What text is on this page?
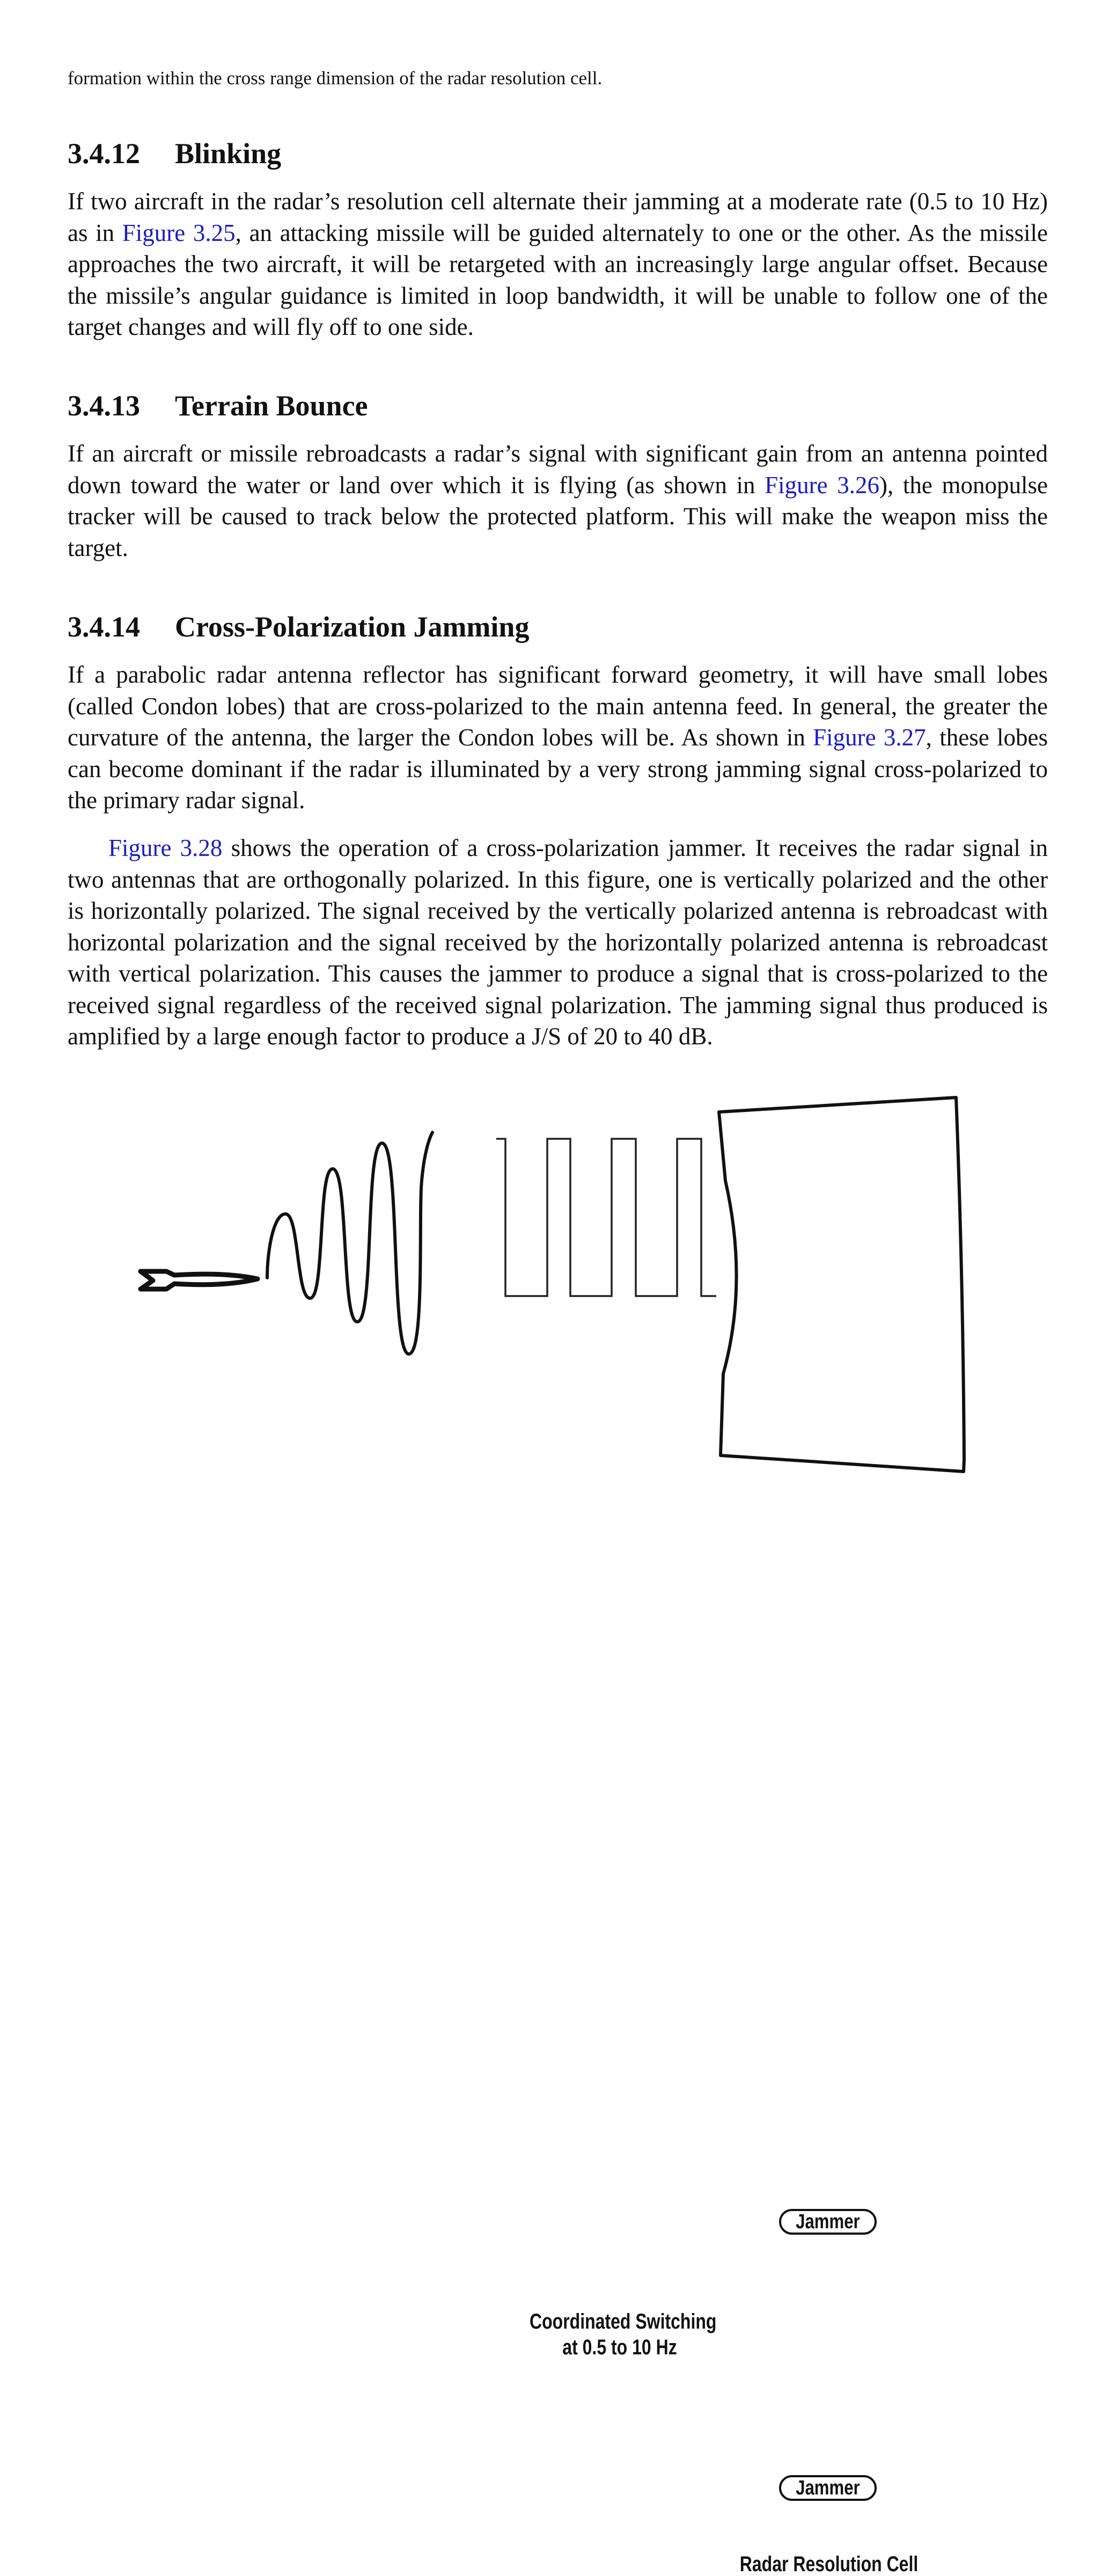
formation within the cross range dimension of the radar resolution cell.

3.4.12 Blinking

If two aircraft in the radar’s resolution cell alternate their jamming at a moderate rate (0.5 to 10 Hz) as in Figure 3.25, an attacking missile will be guided alternately to one or the other. As the missile approaches the two aircraft, it will be retargeted with an increasingly large angular offset. Because the missile’s angular guidance is limited in loop bandwidth, it will be unable to follow one of the target changes and will fly off to one side.

3.4.13 Terrain Bounce

If an aircraft or missile rebroadcasts a radar’s signal with significant gain from an antenna pointed down toward the water or land over which it is flying (as shown in Figure 3.26), the monopulse tracker will be caused to track below the protected platform. This will make the weapon miss the target.

3.4.14 Cross-Polarization Jamming

If a parabolic radar antenna reflector has significant forward geometry, it will have small lobes (called Condon lobes) that are cross-polarized to the main antenna feed. In general, the greater the curvature of the antenna, the larger the Condon lobes will be. As shown in Figure 3.27, these lobes can become dominant if the radar is illuminated by a very strong jamming signal cross-polarized to the primary radar signal.

Figure 3.28 shows the operation of a cross-polarization jammer. It receives the radar signal in two antennas that are orthogonally polarized. In this figure, one is vertically polarized and the other is horizontally polarized. The signal received by the vertically polarized antenna is rebroadcast with horizontal polarization and the signal received by the horizontally polarized antenna is rebroadcast with vertical polarization. This causes the jammer to produce a signal that is cross-polarized to the received signal regardless of the received signal polarization. The jamming signal thus produced is amplified by a large enough factor to produce a J/S of 20 to 40 dB.

Coordinated Switching
at 0.5 to 10 Hz
Jammer
Jammer
Radar Resolution Cell
